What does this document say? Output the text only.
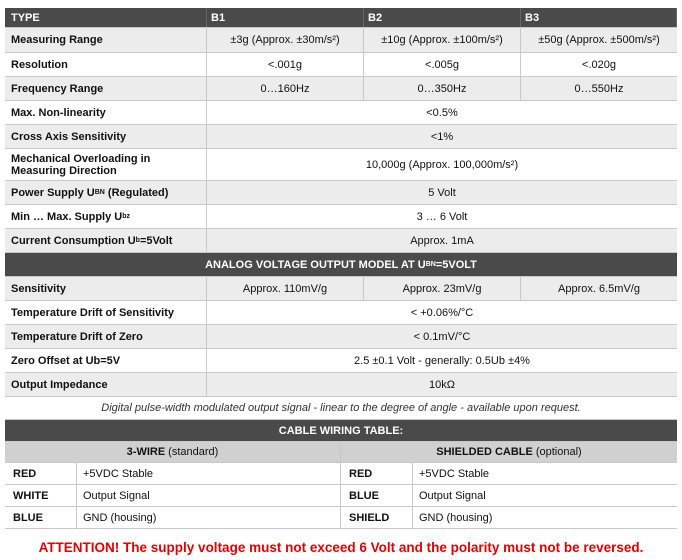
TYPE	B1	B2	B3
Measuring Range	±3g (Approx. ±30m/s²)	±10g (Approx. ±100m/s²)	±50g (Approx. ±500m/s²)
Resolution	<.001g	<.005g	<.020g
Frequency Range	0…160Hz	0…350Hz	0…550Hz
Max. Non-linearity	<0.5%
Cross Axis Sensitivity	<1%
Mechanical Overloading in Measuring Direction	10,000g (Approx. 100,000m/s²)
Power Supply U BN (Regulated)	5 Volt
Min … Max. Supply U bz	3 … 6 Volt
Current Consumption U b =5Volt	Approx. 1mA
ANALOG VOLTAGE OUTPUT MODEL AT U BN =5VOLT
Sensitivity	Approx. 110mV/g	Approx. 23mV/g	Approx. 6.5mV/g
Temperature Drift of Sensitivity	< +0.06%/°C
Temperature Drift of Zero	< 0.1mV/°C
Zero Offset at Ub=5V	2.5 ±0.1 Volt - generally: 0.5Ub ±4%
Output Impedance	10kΩ
Digital pulse-width modulated output signal - linear to the degree of angle - available upon request.
CABLE WIRING TABLE:
3-WIRE (standard)	SHIELDED CABLE (optional)
RED	+5VDC Stable	RED	+5VDC Stable
WHITE	Output Signal	BLUE	Output Signal
BLUE	GND (housing)	SHIELD	GND (housing)
ATTENTION! The supply voltage must not exceed 6 Volt and the polarity must not be reversed.
